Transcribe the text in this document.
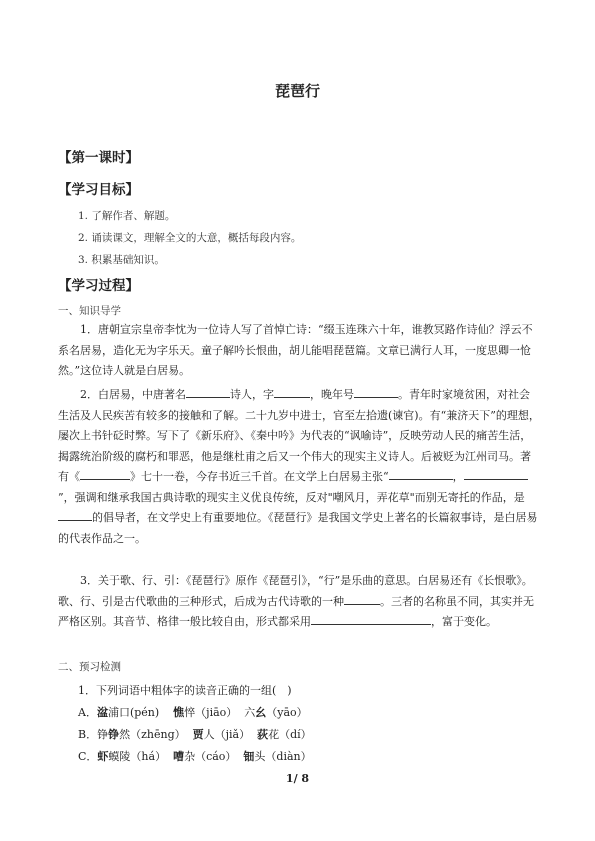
琵琶行
【第一课时】
【学习目标】
1. 了解作者、解题。
2. 诵读课文，理解全文的大意，概括每段内容。
3. 积累基础知识。
【学习过程】
一、知识导学

1．唐朝宣宗皇帝李忱为一位诗人写了首悼亡诗：“缀玉连珠六十年，谁教冥路作诗仙？浮云不系名居易，造化无为字乐天。童子解吟长恨曲，胡儿能唱琵琶篇。文章已满行人耳，一度思卿一怆然。”这位诗人就是白居易。

2．白居易，中唐著名	诗人，字	，晚年号	。青年时家境贫困，对社会生活及人民疾苦有较多的接触和了解。二十九岁中进士，官至左拾遗(谏官)。有“兼济天下”的理想，屡次上书针砭时弊。写下了《新乐府》、《秦中吟》为代表的“讽喻诗”，反映劳动人民的痛苦生活，揭露统治阶级的腐朽和罪恶，他是继杜甫之后又一个伟大的现实主义诗人。后被贬为江州司马。著有《	》七十一卷，今存书近三千首。在文学上白居易主张“	，”，强调和继承我国古典诗歌的现实主义优良传统，反对"嘲风月，弄花草"而别无寄托的作品，是的倡导者，在文学史上有重要地位。《琵琶行》是我国文学史上著名的长篇叙事诗，是白居易的代表作品之一。

3．关于歌、行、引：《琵琶行》原作《琵琶引》，“行”是乐曲的意思。白居易还有《长恨歌》。歌、行、引是古代歌曲的三种形式，后成为古代诗歌的一种	。三者的名称虽不同，其实并无严格区别。其音节、格律一般比较自由，形式都采用	，富于变化。

二、预习检测
1．下列词语中粗体字的读音正确的一组(　)
A．湓浦口(pén) 憔悴（jiāo） 六幺（yāo）
B．铮铮然（zhēng） 贾人（jiǎ） 荻花（dí）
C．虾蟆陵（há） 嘈杂（cáo） 钿头（diàn）
1/ 8
